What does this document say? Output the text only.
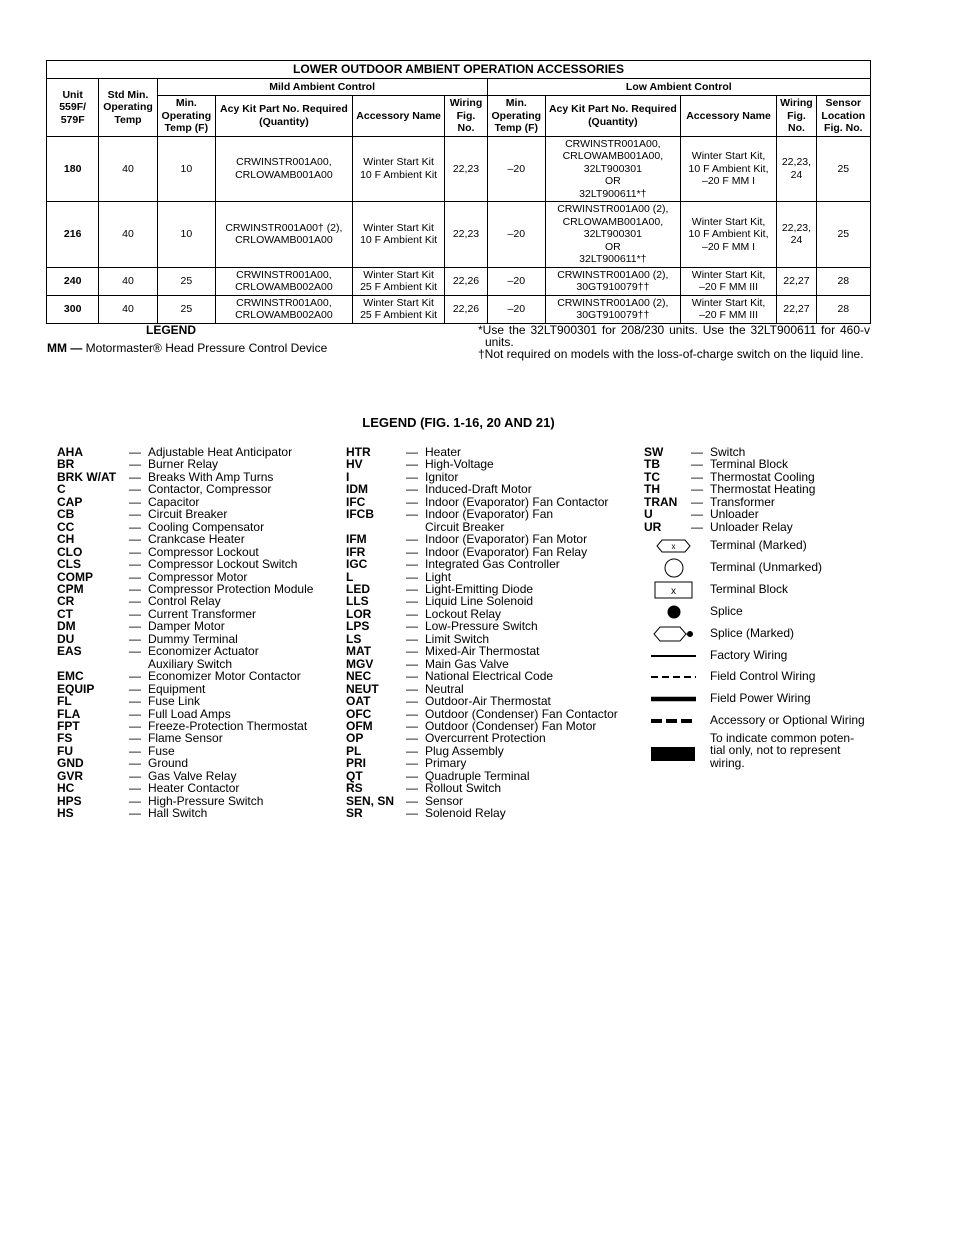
LOWER OUTDOOR AMBIENT OPERATION ACCESSORIES										
Unit 559F/ 579F	Std Min. Operating Temp	Mild Ambient Control				Low Ambient Control				
		Min. Operating Temp (F)	Acy Kit Part No. Required (Quantity)	Accessory Name	Wiring Fig. No.	Min. Operating Temp (F)	Acy Kit Part No. Required (Quantity)	Accessory Name	Wiring Fig. No.	Sensor Location Fig. No.
180	40	10	CRWINSTR001A00,
CRLOWAMB001A00	Winter Start Kit
10 F Ambient Kit	22,23	–20	CRWINSTR001A00,
CRLOWAMB001A00,
32LT900301
OR
32LT900611*†	Winter Start Kit,
10 F Ambient Kit,
–20 F MM I	22,23,
24	25
216	40	10	CRWINSTR001A00† (2),
CRLOWAMB001A00	Winter Start Kit
10 F Ambient Kit	22,23	–20	CRWINSTR001A00 (2),
CRLOWAMB001A00,
32LT900301
OR
32LT900611*†	Winter Start Kit,
10 F Ambient Kit,
–20 F MM I	22,23,
24	25
240	40	25	CRWINSTR001A00,
CRLOWAMB002A00	Winter Start Kit
25 F Ambient Kit	22,26	–20	CRWINSTR001A00 (2),
30GT910079††	Winter Start Kit,
–20 F MM III	22,27	28
300	40	25	CRWINSTR001A00,
CRLOWAMB002A00	Winter Start Kit
25 F Ambient Kit	22,26	–20	CRWINSTR001A00 (2),
30GT910079††	Winter Start Kit,
–20 F MM III	22,27	28
LEGEND
MM — Motormaster® Head Pressure Control Device
*Use the 32LT900301 for 208/230 units. Use the 32LT900611 for 460-v units.
†Not required on models with the loss-of-charge switch on the liquid line.
LEGEND (FIG. 1-16, 20 AND 21)
AHA	— Adjustable Heat Anticipator
BR	— Burner Relay
BRK W/AT	— Breaks With Amp Turns
C	— Contactor, Compressor
CAP	— Capacitor
CB	— Circuit Breaker
CC	— Cooling Compensator
CH	— Crankcase Heater
CLO	— Compressor Lockout
CLS	— Compressor Lockout Switch
COMP	— Compressor Motor
CPM	— Compressor Protection Module
CR	— Control Relay
CT	— Current Transformer
DM	— Damper Motor
DU	— Dummy Terminal
EAS	— Economizer Actuator
Auxiliary Switch
EMC	— Economizer Motor Contactor
EQUIP	— Equipment
FL	— Fuse Link
FLA	— Full Load Amps
FPT	— Freeze-Protection Thermostat
FS	— Flame Sensor
FU	— Fuse
GND	— Ground
GVR	— Gas Valve Relay
HC	— Heater Contactor
HPS	— High-Pressure Switch
HS	— Hall Switch
HTR	— Heater
HV	— High-Voltage
I	— Ignitor
IDM	— Induced-Draft Motor
IFC	— Indoor (Evaporator) Fan Contactor
IFCB	— Indoor (Evaporator) Fan
Circuit Breaker
IFM	— Indoor (Evaporator) Fan Motor
IFR	— Indoor (Evaporator) Fan Relay
IGC	— Integrated Gas Controller
L	— Light
LED	— Light-Emitting Diode
LLS	— Liquid Line Solenoid
LOR	— Lockout Relay
LPS	— Low-Pressure Switch
LS	— Limit Switch
MAT	— Mixed-Air Thermostat
MGV	— Main Gas Valve
NEC	— National Electrical Code
NEUT	— Neutral
OAT	— Outdoor-Air Thermostat
OFC	— Outdoor (Condenser) Fan Contactor
OFM	— Outdoor (Condenser) Fan Motor
OP	— Overcurrent Protection
PL	— Plug Assembly
PRI	— Primary
QT	— Quadruple Terminal
RS	— Rollout Switch
SEN, SN — Sensor
SR	— Solenoid Relay
SW	— Switch
TB	— Terminal Block
TC	— Thermostat Cooling
TH	— Thermostat Heating
TRAN	— Transformer
U	— Unloader
UR	— Unloader Relay
x	Terminal (Marked)
Terminal (Unmarked)
x	Terminal Block
Splice
Splice (Marked)
Factory Wiring
Field Control Wiring
Field Power Wiring
Accessory or Optional Wiring
To indicate common poten-
tial only, not to represent
wiring.
